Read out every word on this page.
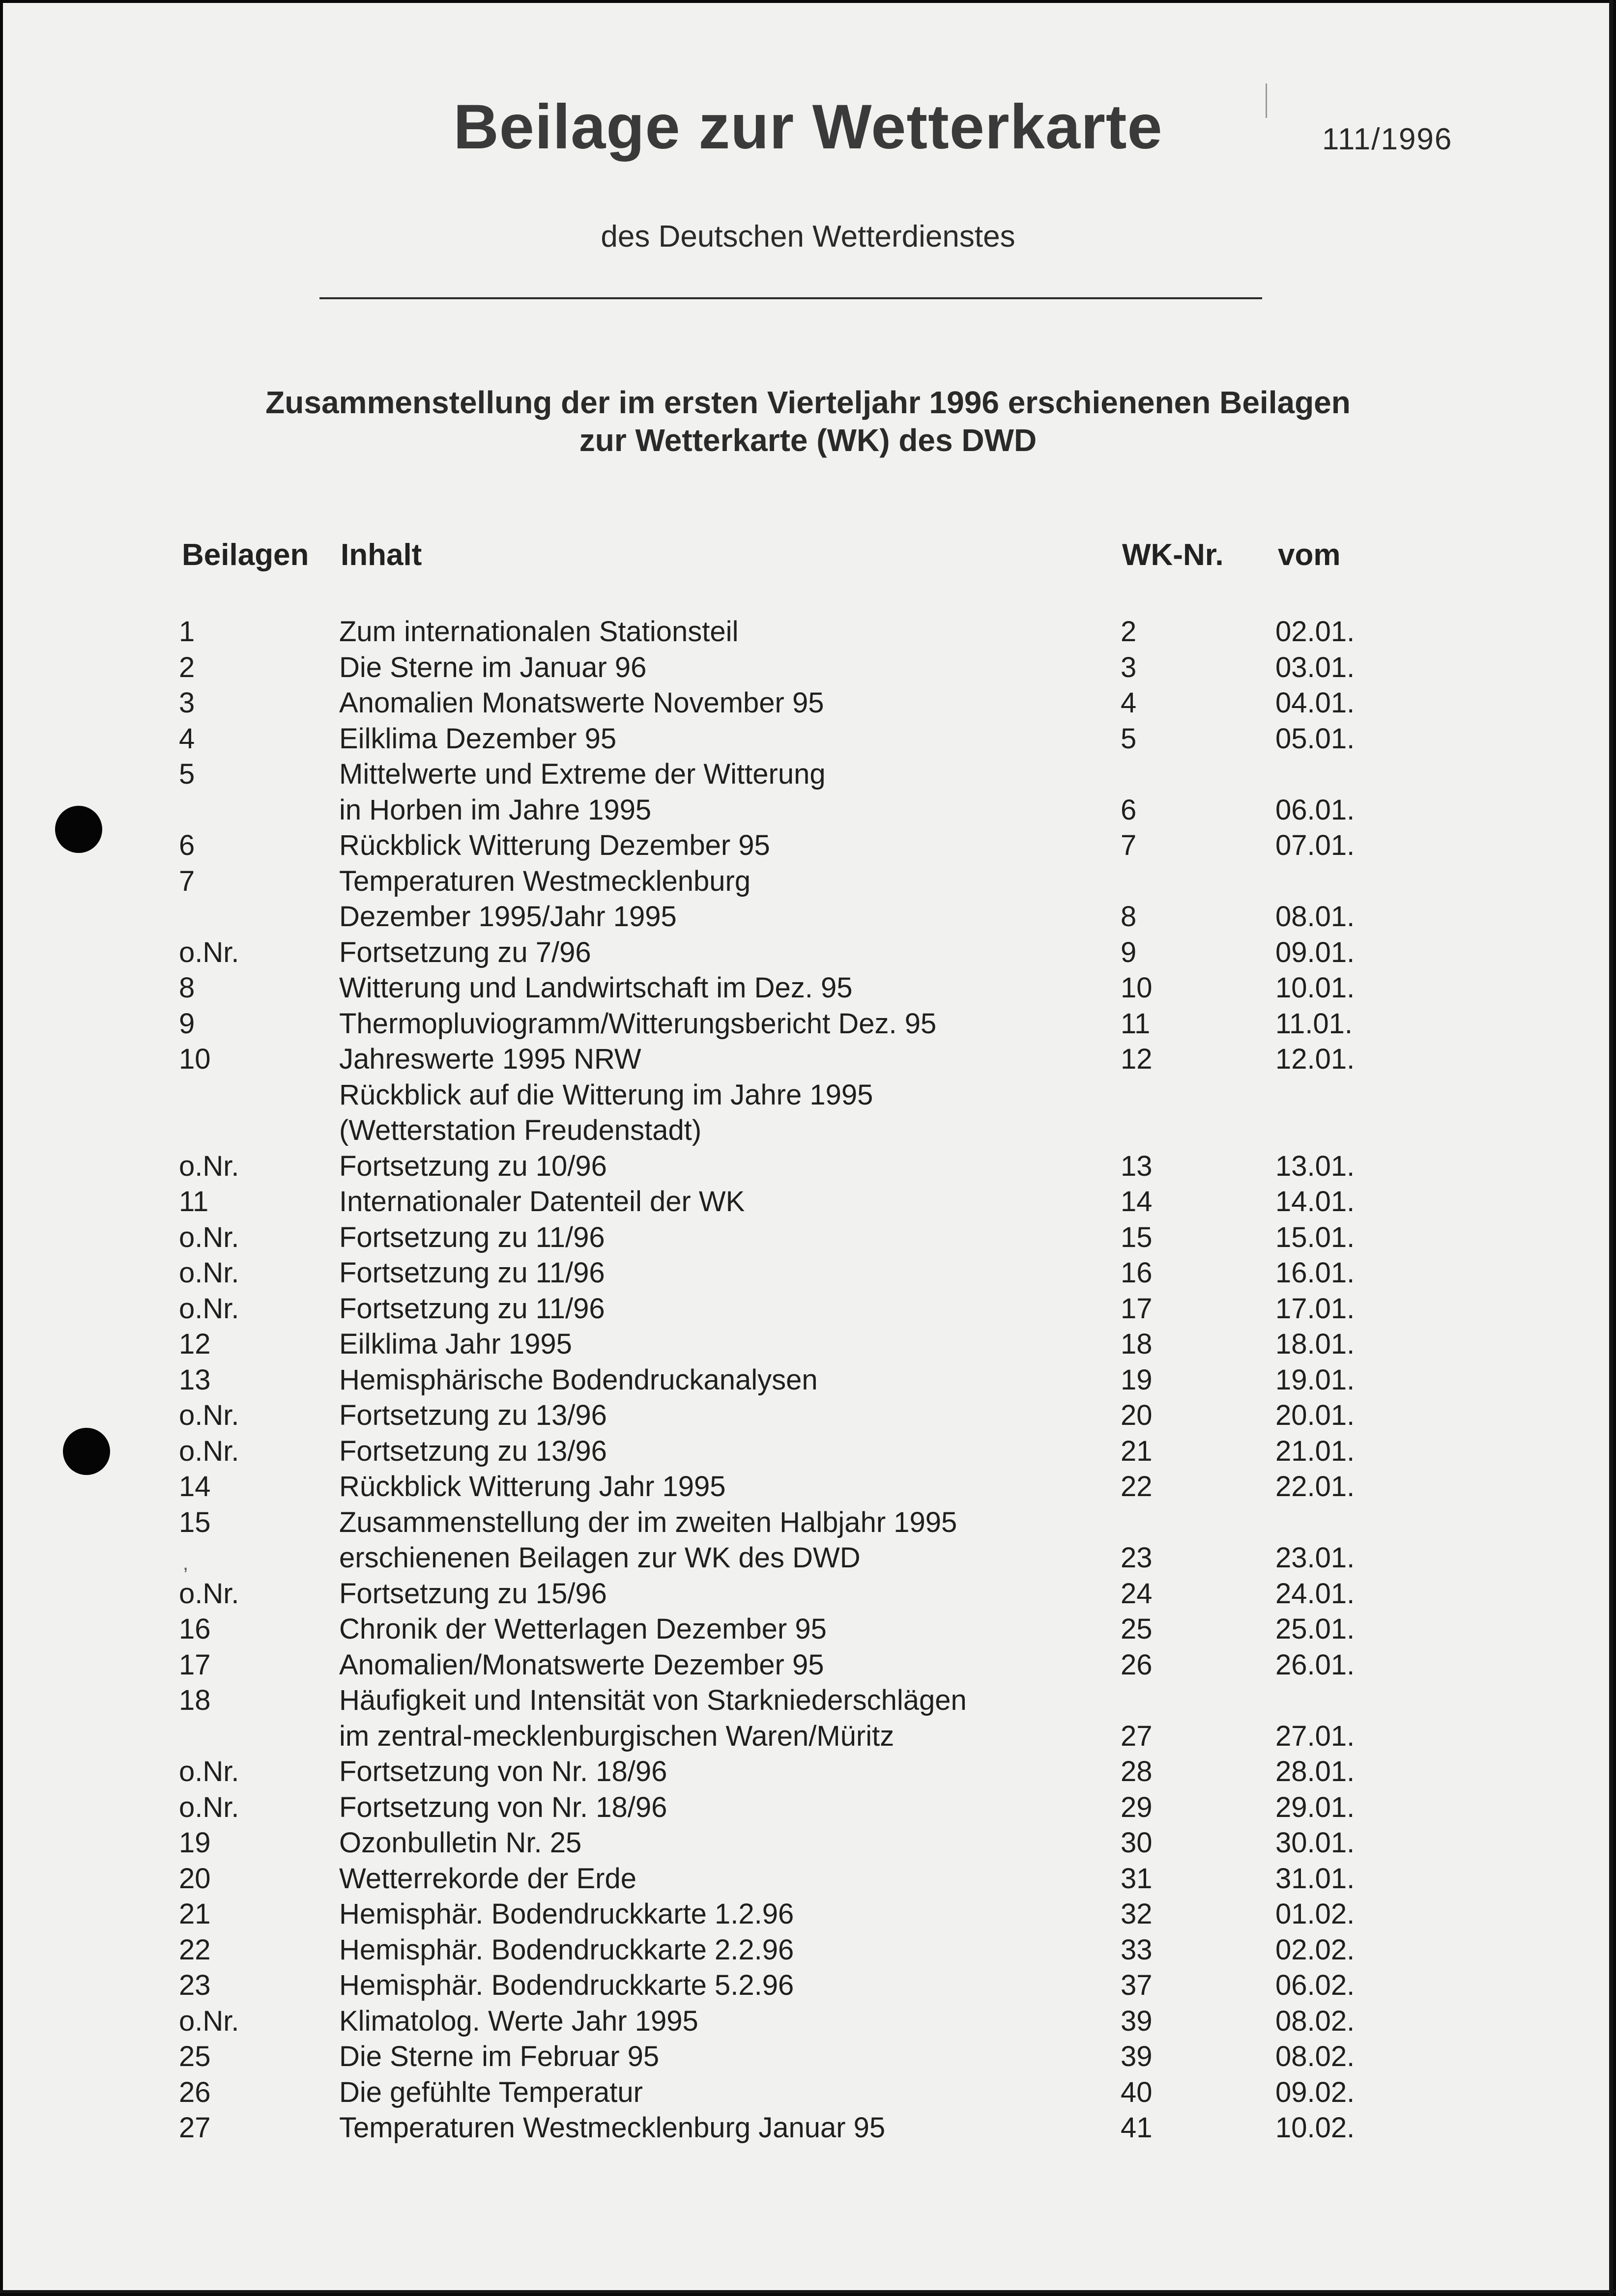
Beilage zur Wetterkarte	111/1996
des Deutschen Wetterdienstes
Zusammenstellung der im ersten Vierteljahr 1996 erschienenen Beilagen
zur Wetterkarte (WK) des DWD
Beilagen Inhalt	WK-Nr. vom
1	Zum internationalen Stationsteil	2	02.01.
2	Die Sterne im Januar 96	3	03.01.
3	Anomalien Monatswerte November 95	4	04.01.
4	Eilklima Dezember 95	5	05.01.
5	Mittelwerte und Extreme der Witterung
in Horben im Jahre 1995	6	06.01.
6	Rückblick Witterung Dezember 95	7	07.01.
7	Temperaturen Westmecklenburg
Dezember 1995/Jahr 1995	8	08.01.
o.Nr.	Fortsetzung zu 7/96	9	09.01.
8	Witterung und Landwirtschaft im Dez. 95	10	10.01.
9	Thermopluviogramm/Witterungsbericht Dez. 95	11	11.01.
10	Jahreswerte 1995 NRW	12	12.01.
Rückblick auf die Witterung im Jahre 1995
(Wetterstation Freudenstadt)
o.Nr.	Fortsetzung zu 10/96	13	13.01.
11	Internationaler Datenteil der WK	14	14.01.
o.Nr.	Fortsetzung zu 11/96	15	15.01.
o.Nr.	Fortsetzung zu 11/96	16	16.01.
o.Nr.	Fortsetzung zu 11/96	17	17.01.
12	Eilklima Jahr 1995	18	18.01.
13	Hemisphärische Bodendruckanalysen	19	19.01.
o.Nr.	Fortsetzung zu 13/96	20	20.01.
o.Nr.	Fortsetzung zu 13/96	21	21.01.
14	Rückblick Witterung Jahr 1995	22	22.01.
15	Zusammenstellung der im zweiten Halbjahr 1995
erschienenen Beilagen zur WK des DWD	23	23.01.
o.Nr.	Fortsetzung zu 15/96	24	24.01.
16	Chronik der Wetterlagen Dezember 95	25	25.01.
17	Anomalien/Monatswerte Dezember 95	26	26.01.
18	Häufigkeit und Intensität von Starkniederschlägen
im zentral-mecklenburgischen Waren/Müritz	27	27.01.
o.Nr.	Fortsetzung von Nr. 18/96	28	28.01.
o.Nr.	Fortsetzung von Nr. 18/96	29	29.01.
19	Ozonbulletin Nr. 25	30	30.01.
20	Wetterrekorde der Erde	31	31.01.
21	Hemisphär. Bodendruckkarte 1.2.96	32	01.02.
22	Hemisphär. Bodendruckkarte 2.2.96	33	02.02.
23	Hemisphär. Bodendruckkarte 5.2.96	37	06.02.
o.Nr.	Klimatolog. Werte Jahr 1995	39	08.02.
25	Die Sterne im Februar 95	39	08.02.
26	Die gefühlte Temperatur	40	09.02.
27	Temperaturen Westmecklenburg Januar 95	41	10.02.
,
